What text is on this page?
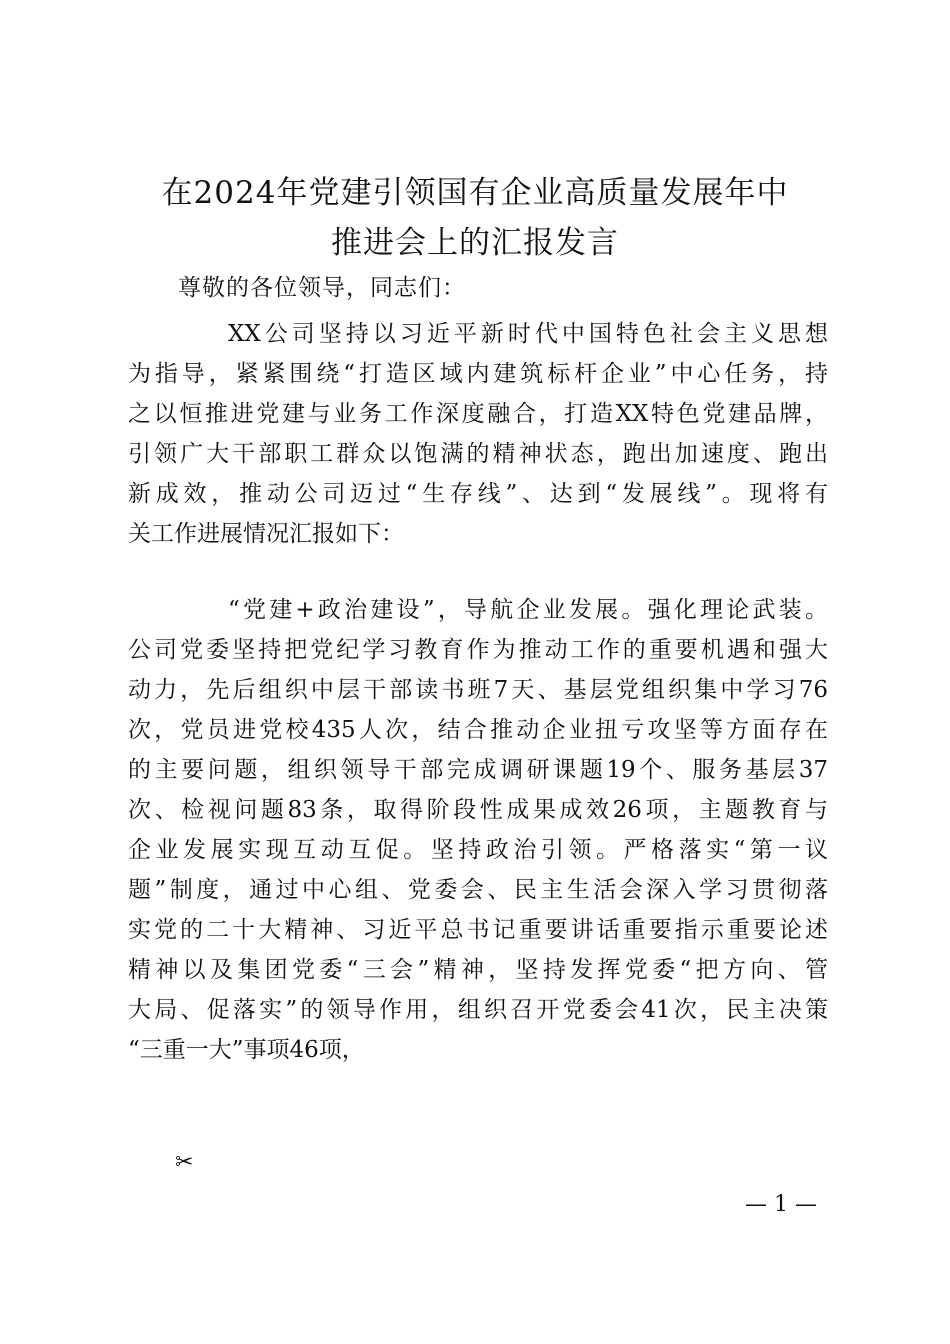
在2024年党建引领国有企业高质量发展年中
推进会上的汇报发言
尊敬的各位领导，同志们：
XX公司坚持以习近平新时代中国特色社会主义思想
为指导，紧紧围绕“打造区域内建筑标杆企业”中心任务，持
之以恒推进党建与业务工作深度融合，打造XX特色党建品牌，
引领广大干部职工群众以饱满的精神状态，跑出加速度、跑出
新成效，推动公司迈过“生存线”、达到“发展线”。现将有
关工作进展情况汇报如下：
“党建+政治建设”，导航企业发展。强化理论武装。
公司党委坚持把党纪学习教育作为推动工作的重要机遇和强大
动力，先后组织中层干部读书班7天、基层党组织集中学习76
次，党员进党校435人次，结合推动企业扭亏攻坚等方面存在
的主要问题，组织领导干部完成调研课题19个、服务基层37
次、检视问题83条，取得阶段性成果成效26项，主题教育与
企业发展实现互动互促。坚持政治引领。严格落实“第一议
题”制度，通过中心组、党委会、民主生活会深入学习贯彻落
实党的二十大精神、习近平总书记重要讲话重要指示重要论述
精神以及集团党委“三会”精神，坚持发挥党委“把方向、管
大局、促落实”的领导作用，组织召开党委会41次，民主决策
“三重一大”事项46项，
✂
— 1 —
